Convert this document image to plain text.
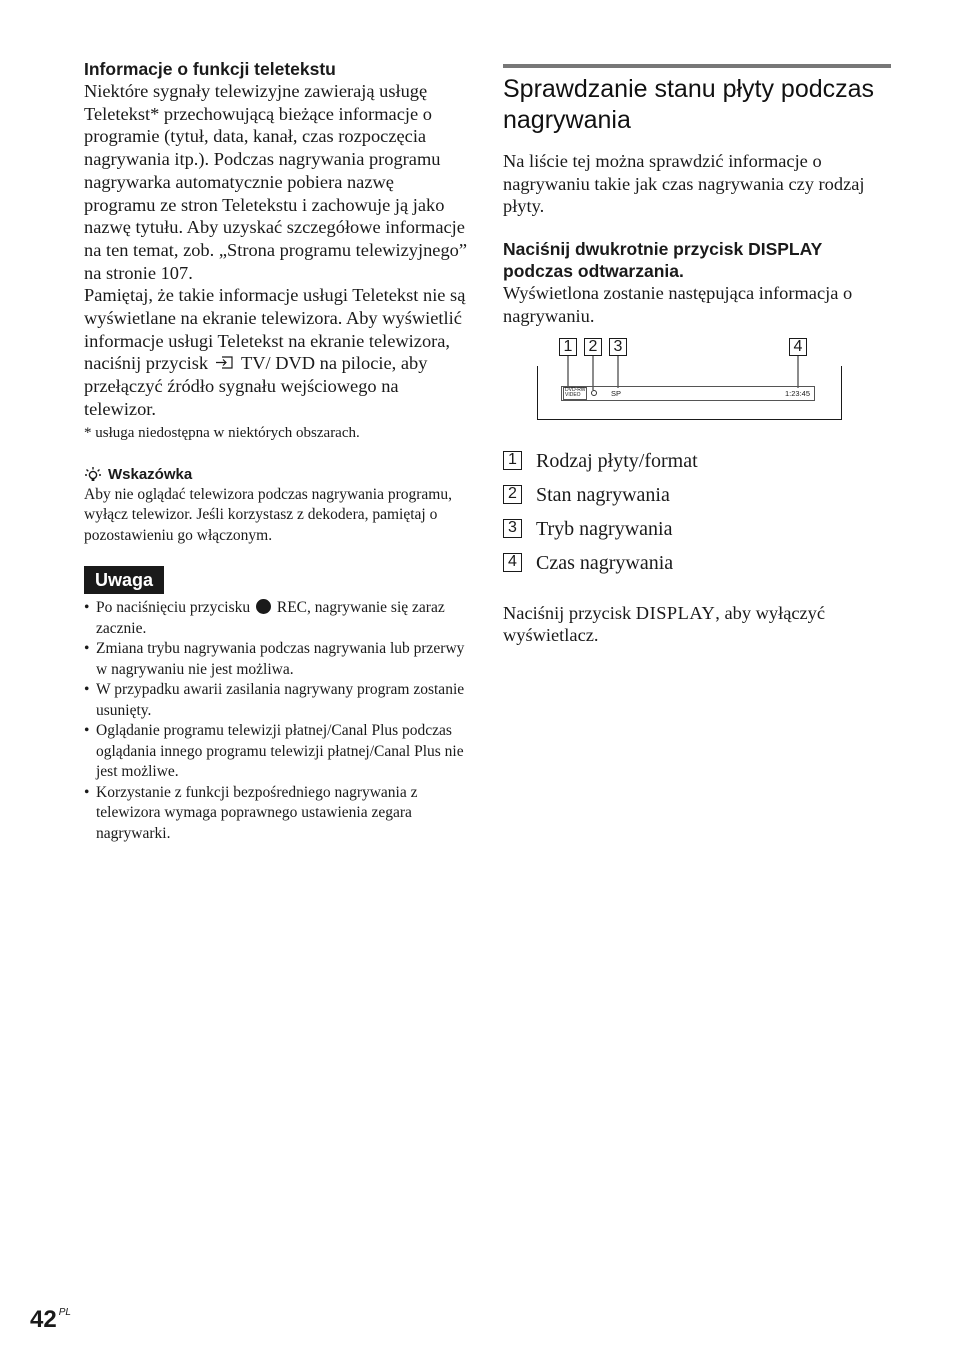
Informacje o funkcji teletekstu

Niektóre sygnały telewizyjne zawierają usługę Teletekst* przechowującą bieżące informacje o programie (tytuł, data, kanał, czas rozpoczęcia nagrywania itp.). Podczas nagrywania programu nagrywarka automatycznie pobiera nazwę programu ze stron Teletekstu i zachowuje ją jako nazwę tytułu. Aby uzyskać szczegółowe informacje na ten temat, zob. „Strona programu telewizyjnego” na stronie 107.

Pamiętaj, że takie informacje usługi Teletekst nie są wyświetlane na ekranie telewizora. Aby wyświetlić informacje usługi Teletekst na ekranie telewizora, naciśnij przycisk TV/ DVD na pilocie, aby przełączyć źródło sygnału wejściowego na telewizor.

* usługa niedostępna w niektórych obszarach.

Wskazówka

Aby nie oglądać telewizora podczas nagrywania programu, wyłącz telewizor. Jeśli korzystasz z dekodera, pamiętaj o pozostawieniu go włączonym.

Uwaga
• Po naciśnięciu przycisku REC, nagrywanie się zaraz zacznie.
• Zmiana trybu nagrywania podczas nagrywania lub przerwy w nagrywaniu nie jest możliwa.
• W przypadku awarii zasilania nagrywany program zostanie usunięty.
• Oglądanie programu telewizji płatnej/Canal Plus podczas oglądania innego programu telewizji płatnej/Canal Plus nie jest możliwe.
• Korzystanie z funkcji bezpośredniego nagrywania z telewizora wymaga poprawnego ustawienia zegara nagrywarki.
Sprawdzanie stanu płyty podczas nagrywania

Na liście tej można sprawdzić informacje o nagrywaniu takie jak czas nagrywania czy rodzaj płyty.

Naciśnij dwukrotnie przycisk DISPLAY podczas odtwarzania.

Wyświetlona zostanie następująca informacja o nagrywaniu.

1 2 3	4
DVD-RW
VIDEO	SP	1:23:45
1 Rodzaj płyty/format
2 Stan nagrywania
3 Tryb nagrywania
4 Czas nagrywania

Naciśnij przycisk DISPLAY, aby wyłączyć wyświetlacz.

42 $^{PL}$
